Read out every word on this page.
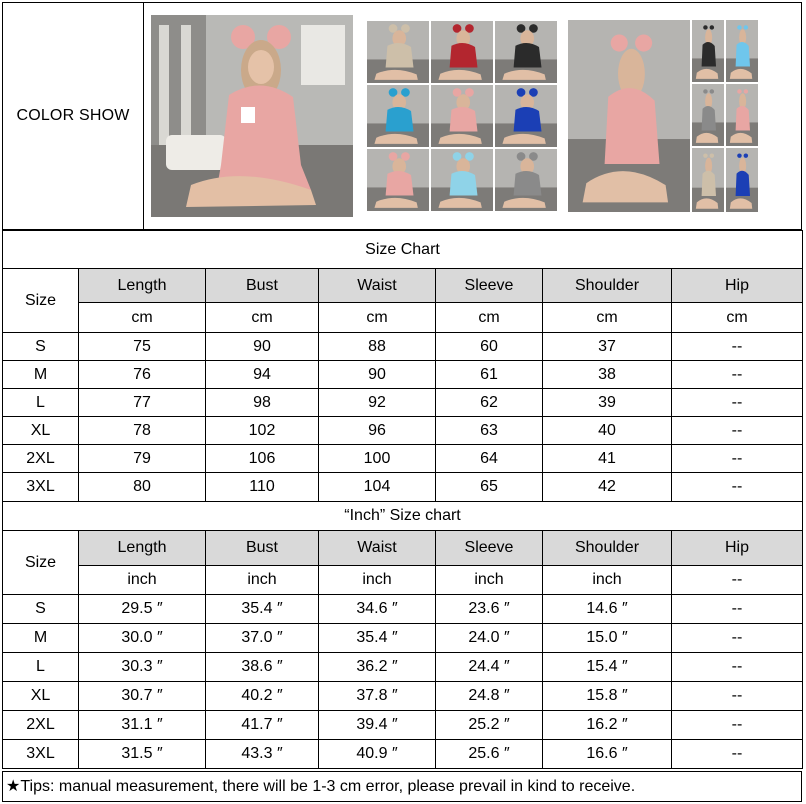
COLOR SHOW
Size Chart						
Size	Length	Bust	Waist	Sleeve	Shoulder	Hip
	cm	cm	cm	cm	cm	cm
S	75	90	88	60	37	--
M	76	94	90	61	38	--
L	77	98	92	62	39	--
XL	78	102	96	63	40	--
2XL	79	106	100	64	41	--
3XL	80	110	104	65	42	--
“Inch” Size chart						
Size	Length	Bust	Waist	Sleeve	Shoulder	Hip
	inch	inch	inch	inch	inch	--
S	29.5 ″	35.4 ″	34.6 ″	23.6 ″	14.6 ″	--
M	30.0 ″	37.0 ″	35.4 ″	24.0 ″	15.0 ″	--
L	30.3 ″	38.6 ″	36.2 ″	24.4 ″	15.4 ″	--
XL	30.7 ″	40.2 ″	37.8 ″	24.8 ″	15.8 ″	--
2XL	31.1 ″	41.7 ″	39.4 ″	25.2 ″	16.2 ″	--
3XL	31.5 ″	43.3 ″	40.9 ″	25.6 ″	16.6 ″	--
★Tips: manual measurement, there will be 1-3 cm error, please prevail in kind to receive.
